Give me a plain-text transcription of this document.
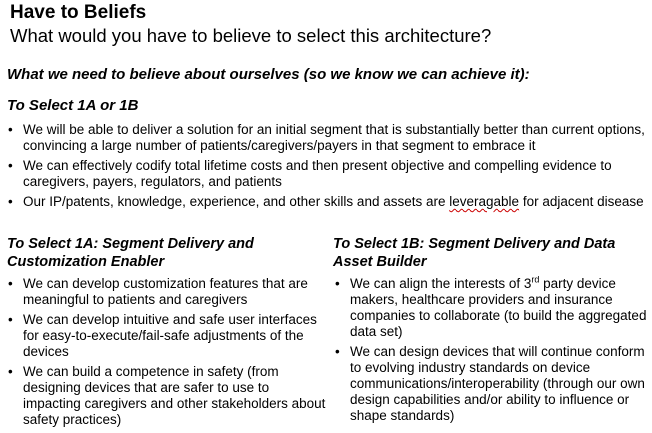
Have to Beliefs
What would you have to believe to select this architecture?
What we need to believe about ourselves (so we know we can achieve it):
To Select 1A or 1B
• We will be able to deliver a solution for an initial segment that is substantially better than current options, convincing a large number of patients/caregivers/payers in that segment to embrace it
• We can effectively codify total lifetime costs and then present objective and compelling evidence to caregivers, payers, regulators, and patients
• Our IP/patents, knowledge, experience, and other skills and assets are leveragable for adjacent disease
To Select 1A: Segment Delivery and Customization Enabler
To Select 1B: Segment Delivery and Data Asset Builder
• We can develop customization features that are meaningful to patients and caregivers
• We can develop intuitive and safe user interfaces for easy-to-execute/fail-safe adjustments of the devices
• We can build a competence in safety (from designing devices that are safer to use to impacting caregivers and other stakeholders about safety practices)
• We can align the interests of 3rd party device makers, healthcare providers and insurance companies to collaborate (to build the aggregated data set)
• We can design devices that will continue conform to evolving industry standards on device communications/interoperability (through our own design capabilities and/or ability to influence or shape standards)
